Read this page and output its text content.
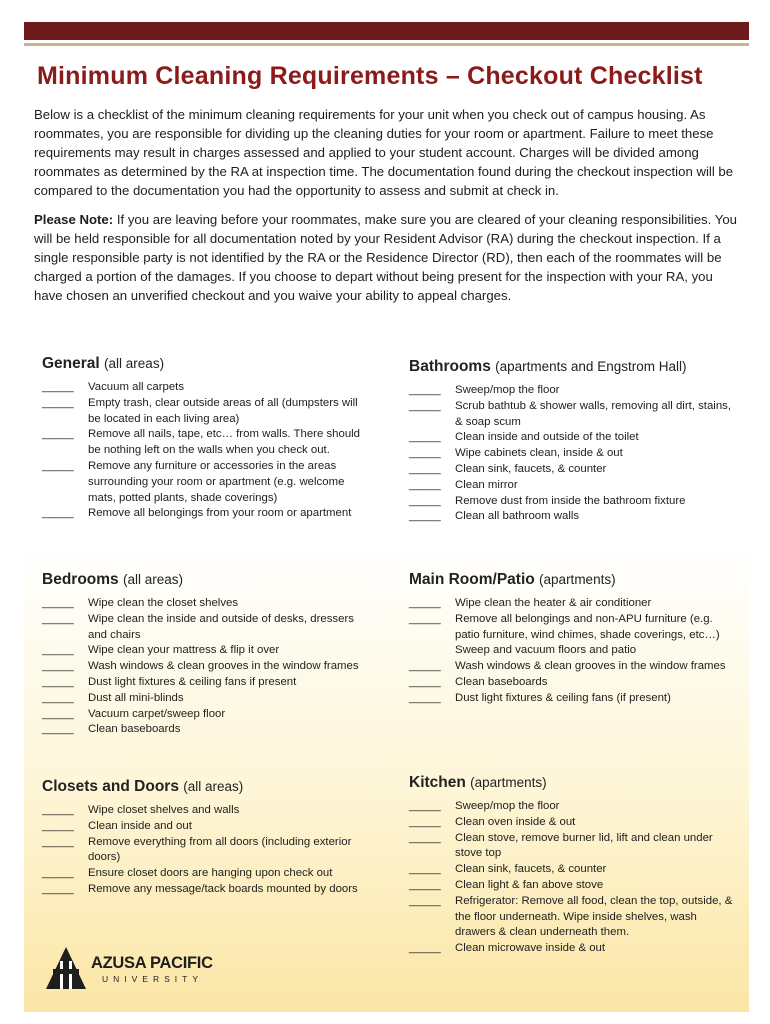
Minimum Cleaning Requirements – Checkout Checklist

Below is a checklist of the minimum cleaning requirements for your unit when you check out of campus housing. As roommates, you are responsible for dividing up the cleaning duties for your room or apartment. Failure to meet these requirements may result in charges assessed and applied to your student account. Charges will be divided among roommates as determined by the RA at inspection time. The documentation found during the checkout inspection will be compared to the documentation you had the opportunity to assess and submit at check in.

Please Note: If you are leaving before your roommates, make sure you are cleared of your cleaning responsibilities. You will be held responsible for all documentation noted by your Resident Advisor (RA) during the checkout inspection. If a single responsible party is not identified by the RA or the Residence Director (RD), then each of the roommates will be charged a portion of the damages. If you choose to depart without being present for the inspection with your RA, you have chosen an unverified checkout and you waive your ability to appeal charges.

General (all areas)
_____ Vacuum all carpets
_____ Empty trash, clear outside areas of all (dumpsters will be located in each living area)
_____ Remove all nails, tape, etc… from walls. There should be nothing left on the walls when you check out.
_____ Remove any furniture or accessories in the areas surrounding your room or apartment (e.g. welcome mats, potted plants, shade coverings)
_____ Remove all belongings from your room or apartment
Bathrooms (apartments and Engstrom Hall)
_____ Sweep/mop the floor
_____ Scrub bathtub & shower walls, removing all dirt, stains, & soap scum
_____ Clean inside and outside of the toilet
_____ Wipe cabinets clean, inside & out
_____ Clean sink, faucets, & counter
_____ Clean mirror
_____ Remove dust from inside the bathroom fixture
_____ Clean all bathroom walls
Bedrooms (all areas)
_____ Wipe clean the closet shelves
_____ Wipe clean the inside and outside of desks, dressers and chairs
_____ Wipe clean your mattress & flip it over
_____ Wash windows & clean grooves in the window frames
_____ Dust light fixtures & ceiling fans if present
_____ Dust all mini-blinds
_____ Vacuum carpet/sweep floor
_____ Clean baseboards
Main Room/Patio (apartments)
_____ Wipe clean the heater & air conditioner
_____ Remove all belongings and non-APU furniture (e.g. patio furniture, wind chimes, shade coverings, etc…)
Sweep and vacuum floors and patio
_____ Wash windows & clean grooves in the window frames
_____ Clean baseboards
_____ Dust light fixtures & ceiling fans (if present)
Closets and Doors (all areas)
_____ Wipe closet shelves and walls
_____ Clean inside and out
_____ Remove everything from all doors (including exterior doors)
_____ Ensure closet doors are hanging upon check out
_____ Remove any message/tack boards mounted by doors
Kitchen (apartments)
_____ Sweep/mop the floor
_____ Clean oven inside & out
_____ Clean stove, remove burner lid, lift and clean under stove top
_____ Clean sink, faucets, & counter
_____ Clean light & fan above stove
_____ Refrigerator: Remove all food, clean the top, outside, & the floor underneath. Wipe inside shelves, wash drawers & clean underneath them.
_____ Clean microwave inside & out
AZUSA PACIFIC
UNIVERSITY
